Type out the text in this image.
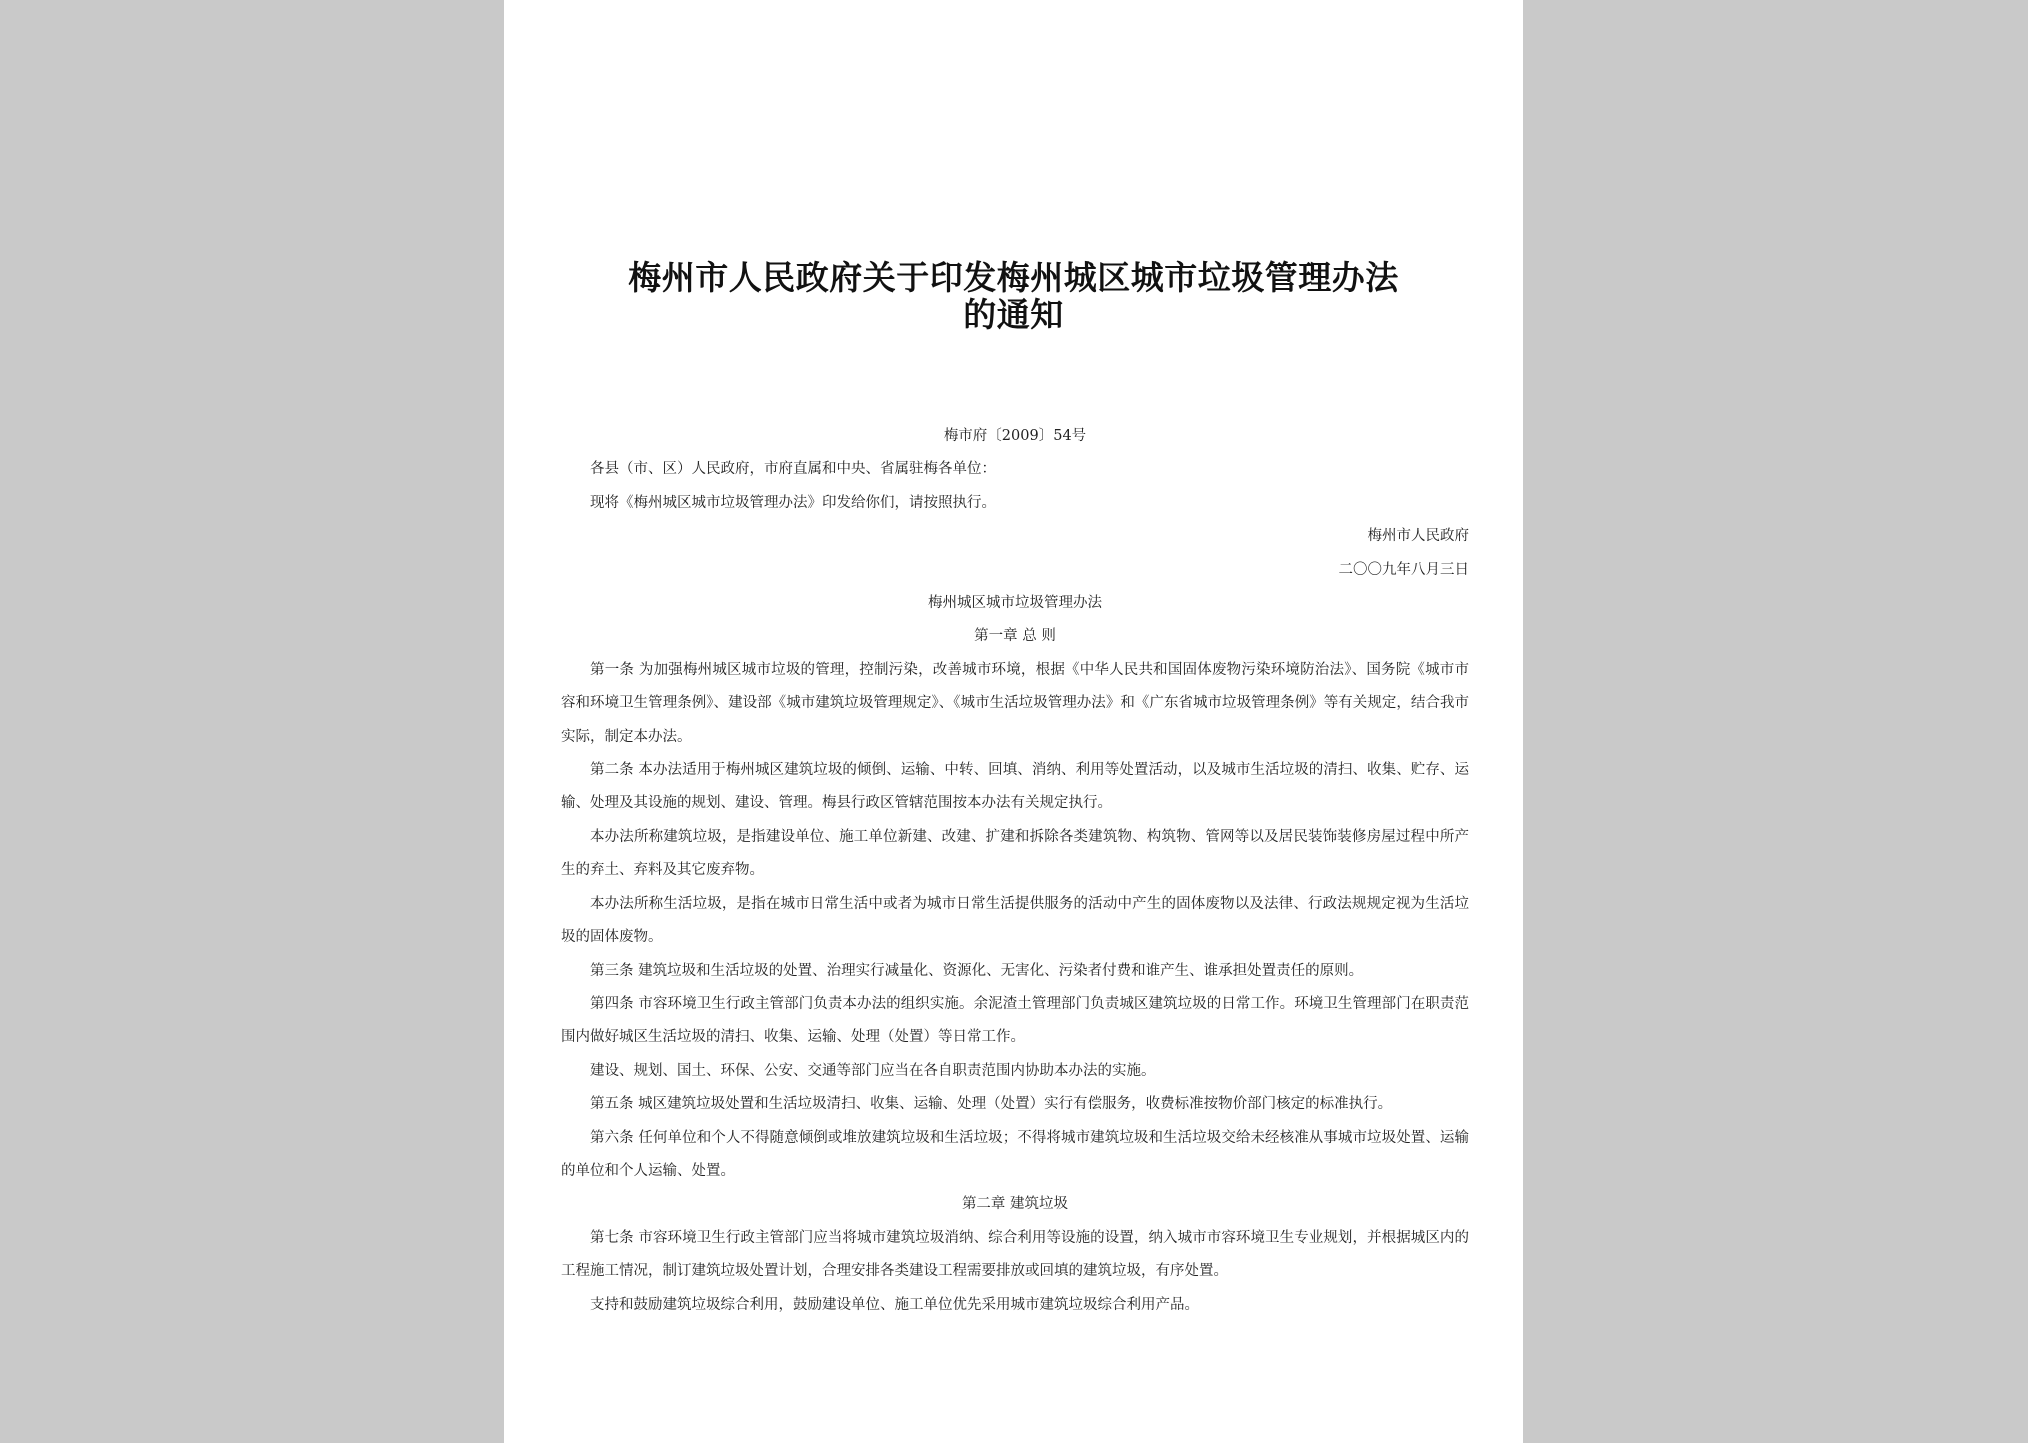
梅州市人民政府关于印发梅州城区城市垃圾管理办法
的通知

梅市府〔2009〕54号

各县（市、区）人民政府，市府直属和中央、省属驻梅各单位：

现将《梅州城区城市垃圾管理办法》印发给你们，请按照执行。

梅州市人民政府

二〇〇九年八月三日

梅州城区城市垃圾管理办法

第一章 总 则

第一条 为加强梅州城区城市垃圾的管理，控制污染，改善城市环境，根据《中华人民共和国固体废物污染环境防治法》、国务院《城市市容和环境卫生管理条例》、建设部《城市建筑垃圾管理规定》、《城市生活垃圾管理办法》和《广东省城市垃圾管理条例》等有关规定，结合我市实际，制定本办法。

第二条 本办法适用于梅州城区建筑垃圾的倾倒、运输、中转、回填、消纳、利用等处置活动，以及城市生活垃圾的清扫、收集、贮存、运输、处理及其设施的规划、建设、管理。梅县行政区管辖范围按本办法有关规定执行。

本办法所称建筑垃圾，是指建设单位、施工单位新建、改建、扩建和拆除各类建筑物、构筑物、管网等以及居民装饰装修房屋过程中所产生的弃土、弃料及其它废弃物。

本办法所称生活垃圾，是指在城市日常生活中或者为城市日常生活提供服务的活动中产生的固体废物以及法律、行政法规规定视为生活垃圾的固体废物。

第三条 建筑垃圾和生活垃圾的处置、治理实行减量化、资源化、无害化、污染者付费和谁产生、谁承担处置责任的原则。

第四条 市容环境卫生行政主管部门负责本办法的组织实施。余泥渣土管理部门负责城区建筑垃圾的日常工作。环境卫生管理部门在职责范围内做好城区生活垃圾的清扫、收集、运输、处理（处置）等日常工作。

建设、规划、国土、环保、公安、交通等部门应当在各自职责范围内协助本办法的实施。

第五条 城区建筑垃圾处置和生活垃圾清扫、收集、运输、处理（处置）实行有偿服务，收费标准按物价部门核定的标准执行。

第六条 任何单位和个人不得随意倾倒或堆放建筑垃圾和生活垃圾；不得将城市建筑垃圾和生活垃圾交给未经核准从事城市垃圾处置、运输的单位和个人运输、处置。

第二章 建筑垃圾

第七条 市容环境卫生行政主管部门应当将城市建筑垃圾消纳、综合利用等设施的设置，纳入城市市容环境卫生专业规划，并根据城区内的工程施工情况，制订建筑垃圾处置计划，合理安排各类建设工程需要排放或回填的建筑垃圾，有序处置。

支持和鼓励建筑垃圾综合利用，鼓励建设单位、施工单位优先采用城市建筑垃圾综合利用产品。
